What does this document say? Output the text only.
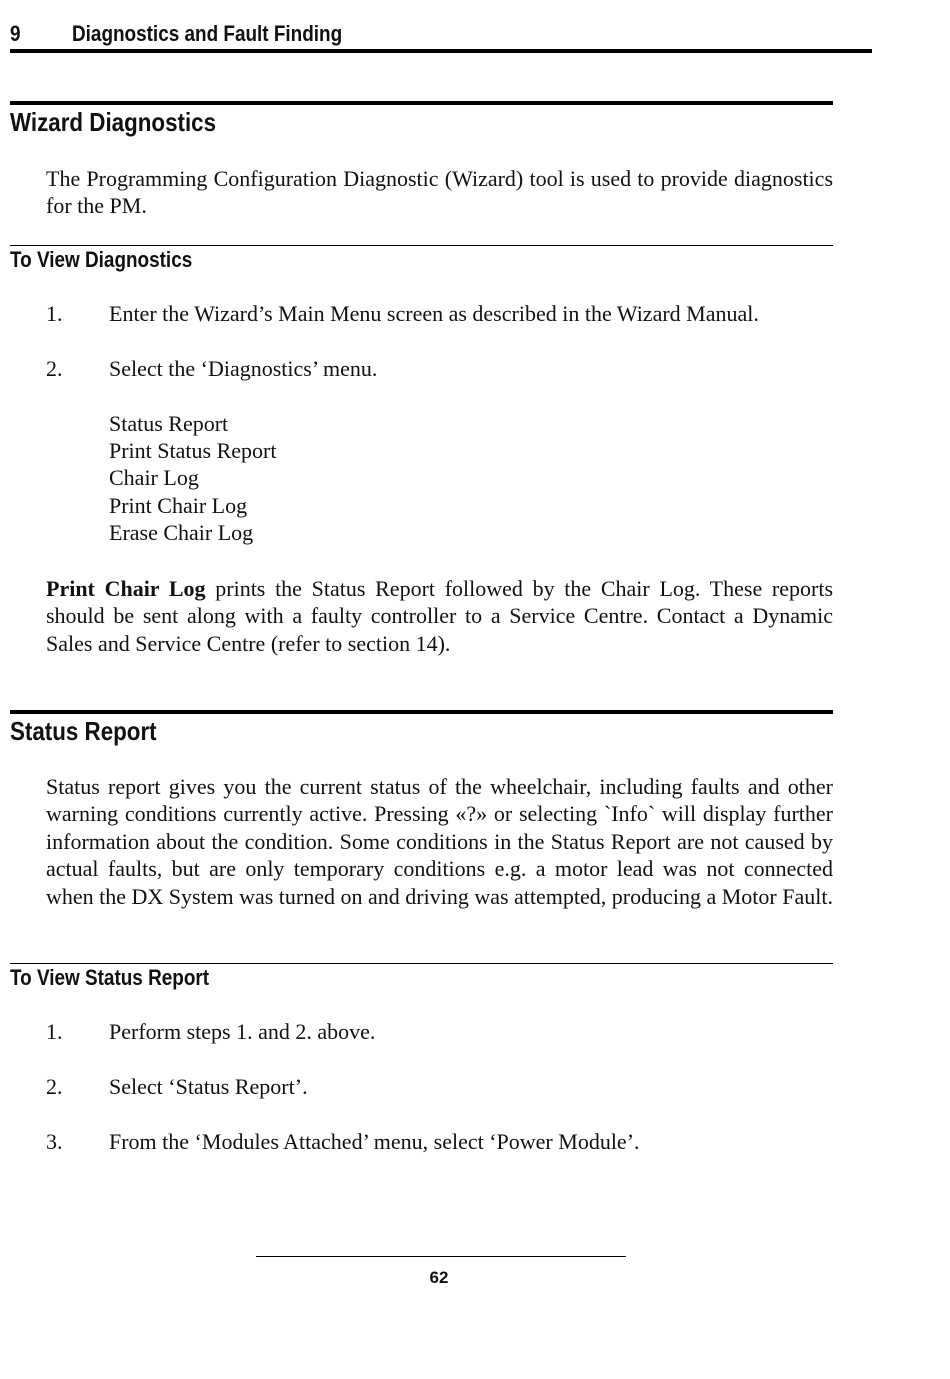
9 Diagnostics and Fault Finding
Wizard Diagnostics
The Programming Configuration Diagnostic (Wizard) tool is used to provide diagnostics for the PM.
To View Diagnostics
1. Enter the Wizard’s Main Menu screen as described in the Wizard Manual.
2. Select the ‘Diagnostics’ menu.
Status Report
Print Status Report
Chair Log
Print Chair Log
Erase Chair Log
Print Chair Log prints the Status Report followed by the Chair Log. These reports should be sent along with a faulty controller to a Service Centre. Contact a Dynamic Sales and Service Centre (refer to section 14).
Status Report
Status report gives you the current status of the wheelchair, including faults and other warning conditions currently active. Pressing «?» or selecting `Info` will display further information about the condition. Some conditions in the Status Report are not caused by actual faults, but are only temporary conditions e.g. a motor lead was not connected when the DX System was turned on and driving was attempted, producing a Motor Fault.
To View Status Report
1. Perform steps 1. and 2. above.
2. Select ‘Status Report’.
3. From the ‘Modules Attached’ menu, select ‘Power Module’.
62
